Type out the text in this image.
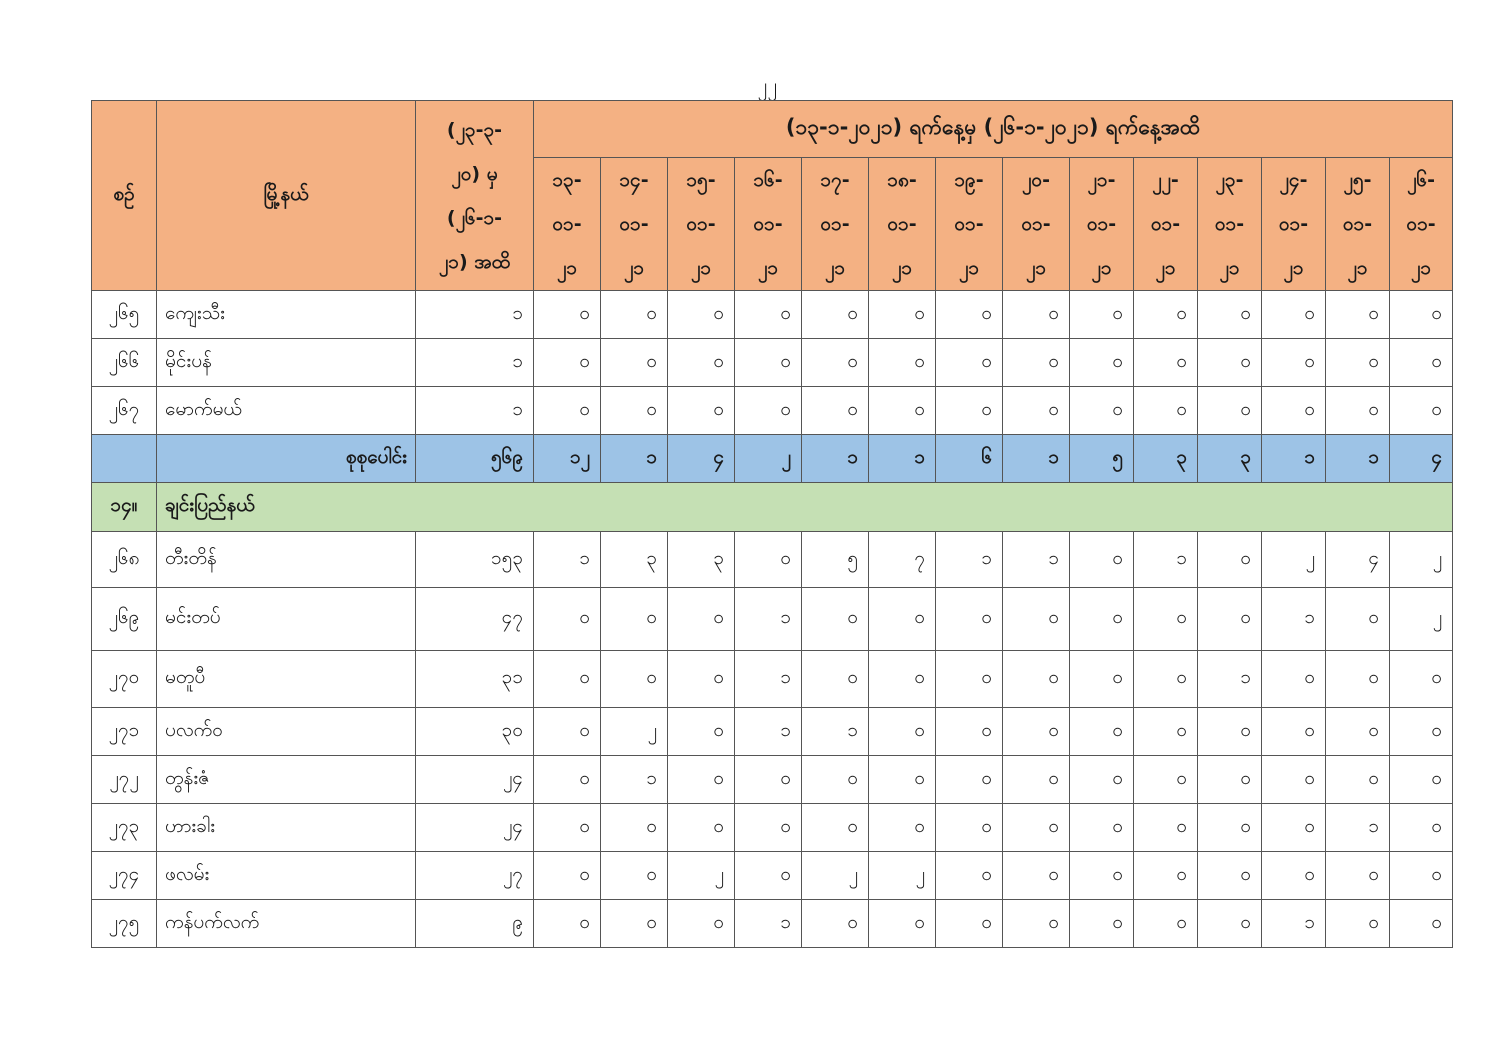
၂၂
စဉ်	မြို့နယ်	(၂၃-၃-
၂၀) မှ
(၂၆-၁-
၂၁) အထိ	(၁၃-၁-၂၀၂၁) ရက်နေ့မှ (၂၆-၁-၂၀၂၁) ရက်နေ့အထိ													

			၁၃-
၀၁-
၂၁	၁၄-
၀၁-
၂၁	၁၅-
၀၁-
၂၁	၁၆-
၀၁-
၂၁	၁၇-
၀၁-
၂၁	၁၈-
၀၁-
၂၁	၁၉-
၀၁-
၂၁	၂၀-
၀၁-
၂၁	၂၁-
၀၁-
၂၁	၂၂-
၀၁-
၂၁	၂၃-
၀၁-
၂၁	၂၄-
၀၁-
၂၁	၂၅-
၀၁-
၂၁	၂၆-
၀၁-
၂၁

၂၆၅	ကျေးသီး	၁	၀	၀	၀	၀	၀	၀	၀	၀	၀	၀	၀	၀	၀	၀
၂၆၆	မိုင်းပန်	၁	၀	၀	၀	၀	၀	၀	၀	၀	၀	၀	၀	၀	၀	၀
၂၆၇	မောက်မယ်	၁	၀	၀	၀	၀	၀	၀	၀	၀	၀	၀	၀	၀	၀	၀
	စုစုပေါင်း	၅၆၉	၁၂	၁	၄	၂	၁	၁	၆	၁	၅	၃	၃	၁	၁	၄
၁၄။	ချင်းပြည်နယ်															
၂၆၈	တီးတိန်	၁၅၃	၁	၃	၃	၀	၅	၇	၁	၁	၀	၁	၀	၂	၄	၂
၂၆၉	မင်းတပ်	၄၇	၀	၀	၀	၁	၀	၀	၀	၀	၀	၀	၀	၁	၀	၂
၂၇၀	မတူပီ	၃၁	၀	၀	၀	၁	၀	၀	၀	၀	၀	၀	၁	၀	၀	၀
၂၇၁	ပလက်ဝ	၃၀	၀	၂	၀	၁	၁	၀	၀	၀	၀	၀	၀	၀	၀	၀
၂၇၂	တွန်းဇံ	၂၄	၀	၁	၀	၀	၀	၀	၀	၀	၀	၀	၀	၀	၀	၀
၂၇၃	ဟားခါး	၂၄	၀	၀	၀	၀	၀	၀	၀	၀	၀	၀	၀	၀	၁	၀
၂၇၄	ဖလမ်း	၂၇	၀	၀	၂	၀	၂	၂	၀	၀	၀	၀	၀	၀	၀	၀
၂၇၅	ကန်ပက်လက်	၉	၀	၀	၀	၁	၀	၀	၀	၀	၀	၀	၀	၁	၀	၀
